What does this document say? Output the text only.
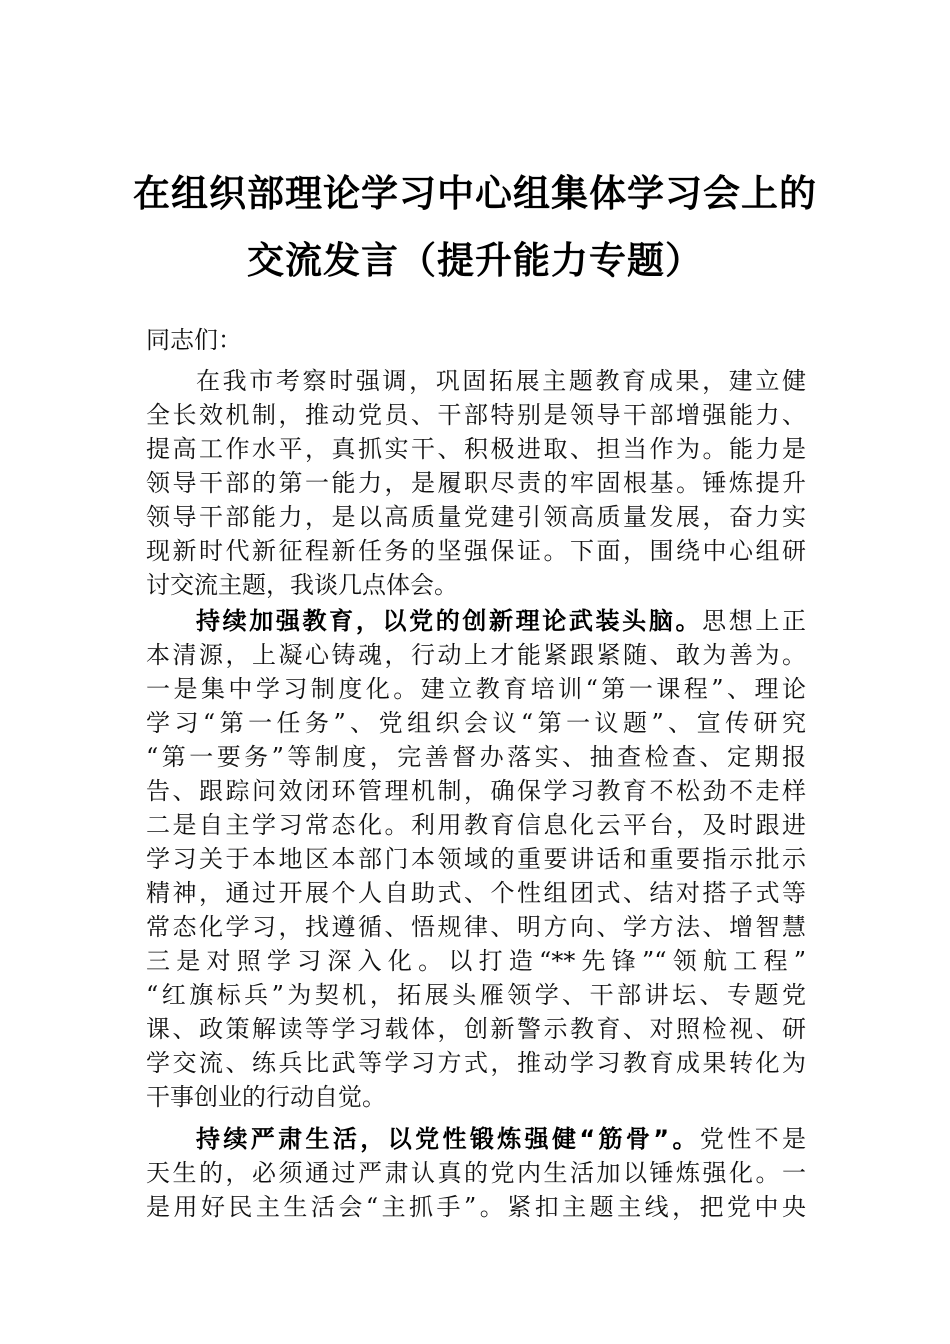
在组织部理论学习中心组集体学习会上的
交流发言（提升能力专题）
同志们：
在我市考察时强调，巩固拓展主题教育成果，建立健
全长效机制，推动党员、干部特别是领导干部增强能力、
提高工作水平，真抓实干、积极进取、担当作为。能力是
领导干部的第一能力，是履职尽责的牢固根基。锤炼提升
领导干部能力，是以高质量党建引领高质量发展，奋力实
现新时代新征程新任务的坚强保证。下面，围绕中心组研
讨交流主题，我谈几点体会。
持续加强教育，以党的创新理论武装头脑。思想上正
本清源，上凝心铸魂，行动上才能紧跟紧随、敢为善为。
一是集中学习制度化。建立教育培训“第一课程”、理论
学习“第一任务”、党组织会议“第一议题”、宣传研究
“第一要务”等制度，完善督办落实、抽查检查、定期报
告、跟踪问效闭环管理机制，确保学习教育不松劲不走样
二是自主学习常态化。利用教育信息化云平台，及时跟进
学习关于本地区本部门本领域的重要讲话和重要指示批示
精神，通过开展个人自助式、个性组团式、结对搭子式等
常态化学习，找遵循、悟规律、明方向、学方法、增智慧
三是对照学习深入化。以打造“**先锋”“领航工程”
“红旗标兵”为契机，拓展头雁领学、干部讲坛、专题党
课、政策解读等学习载体，创新警示教育、对照检视、研
学交流、练兵比武等学习方式，推动学习教育成果转化为
干事创业的行动自觉。
持续严肃生活，以党性锻炼强健“筋骨”。党性不是
天生的，必须通过严肃认真的党内生活加以锤炼强化。一
是用好民主生活会“主抓手”。紧扣主题主线，把党中央
